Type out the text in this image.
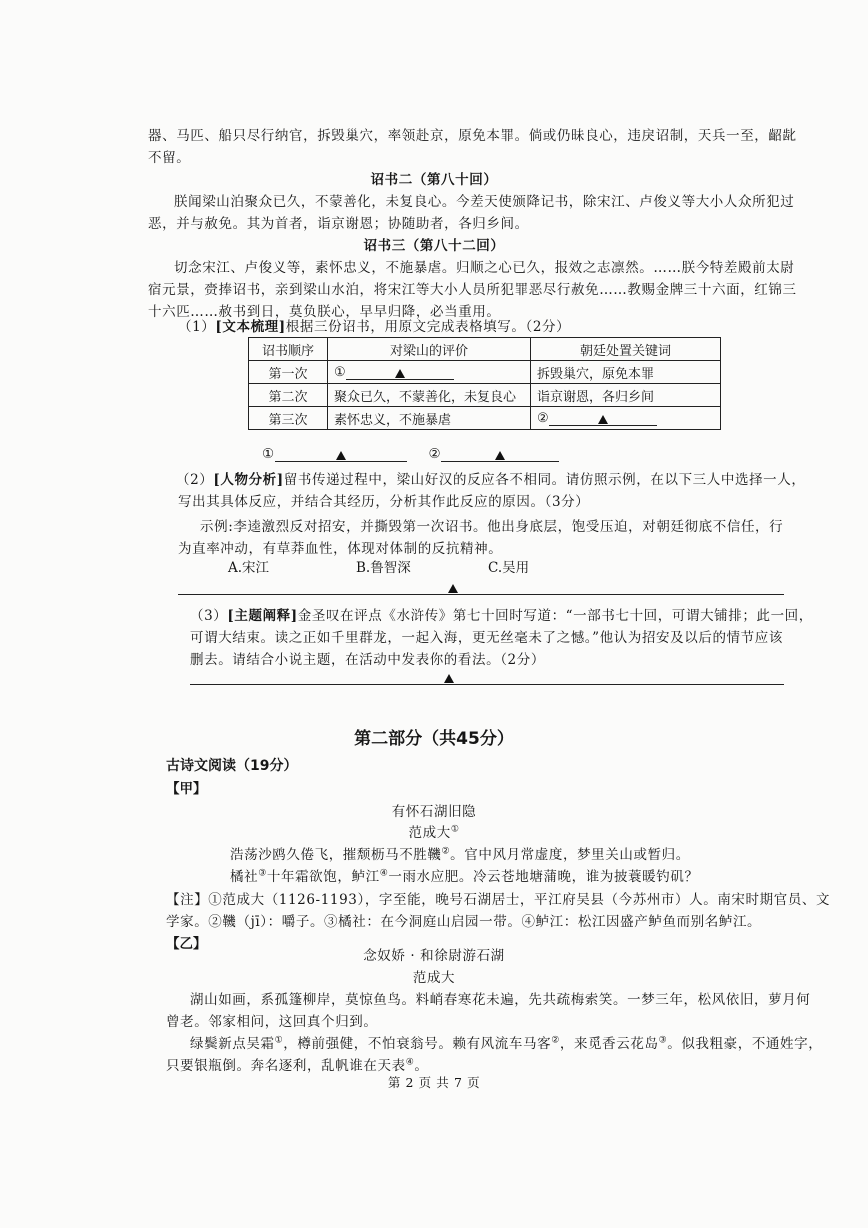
器、马匹、船只尽行纳官，拆毁巢穴，率领赴京，原免本罪。倘或仍昧良心，违戾诏制，天兵一至，齠龀
不留。
诏书二（第八十回）
朕闻梁山泊聚众已久，不蒙善化，未复良心。今差天使颁降记书，除宋江、卢俊义等大小人众所犯过
恶，并与赦免。其为首者，诣京谢恩；协随助者，各归乡间。
诏书三（第八十二回）
切念宋江、卢俊义等，素怀忠义，不施暴虐。归顺之心已久，报效之志凛然。……朕今特差殿前太尉
宿元景，赍捧诏书，亲到梁山水泊，将宋江等大小人员所犯罪恶尽行赦免……教赐金牌三十六面，红锦三
十六匹……赦书到日，莫负朕心，早早归降，必当重用。
（1）[文本梳理]根据三份诏书，用原文完成表格填写。（2分）
诏书顺序	对梁山的评价	朝廷处置关键词
第一次	①	拆毁巢穴，原免本罪
第二次	聚众已久，不蒙善化，未复良心	诣京谢恩，各归乡间
第三次	素怀忠义，不施暴虐	②
①	②
（2）[人物分析]留书传递过程中，梁山好汉的反应各不相同。请仿照示例，在以下三人中选择一人，
写出其具体反应，并结合其经历，分析其作此反应的原因。（3分）
示例:李逵激烈反对招安，并撕毁第一次诏书。他出身底层，饱受压迫，对朝廷彻底不信任，行
为直率冲动，有草莽血性，体现对体制的反抗精神。
A.宋江	B.鲁智深	C.吴用
（3）[主题阐释]金圣叹在评点《水浒传》第七十回时写道：“一部书七十回，可谓大铺排；此一回，
可谓大结束。读之正如千里群龙，一起入海，更无丝毫未了之憾。”他认为招安及以后的情节应该
删去。请结合小说主题，在活动中发表你的看法。（2分）
第二部分（共45分）
古诗文阅读（19分）
【甲】
有怀石湖旧隐
范成大①
浩荡沙鸥久倦飞，摧颓枥马不胜鞿②。官中风月常虚度，梦里关山或暂归。
橘社③十年霜欲饱，鲈江④一雨水应肥。冷云苍地塘蒲晚，谁为披蓑暖钓矶？
【注】①范成大（1126-1193），字至能，晚号石湖居士，平江府吴县（今苏州市）人。南宋时期官员、文
学家。②鞿（jī）：嚼子。③橘社：在今洞庭山启园一带。④鲈江：松江因盛产鲈鱼而别名鲈江。
【乙】
念奴娇 · 和徐尉游石湖
范成大
湖山如画，系孤篷柳岸，莫惊鱼鸟。料峭春寒花未遍，先共疏梅索笑。一梦三年，松风依旧，萝月何
曾老。邻家相问，这回真个归到。
绿鬓新点吴霜①，樽前强健，不怕衰翁号。赖有风流车马客②，来觅香云花岛③。似我粗豪，不通姓字，
只要银瓶倒。奔名逐利，乱帆谁在天表④。
第 2 页 共 7 页
